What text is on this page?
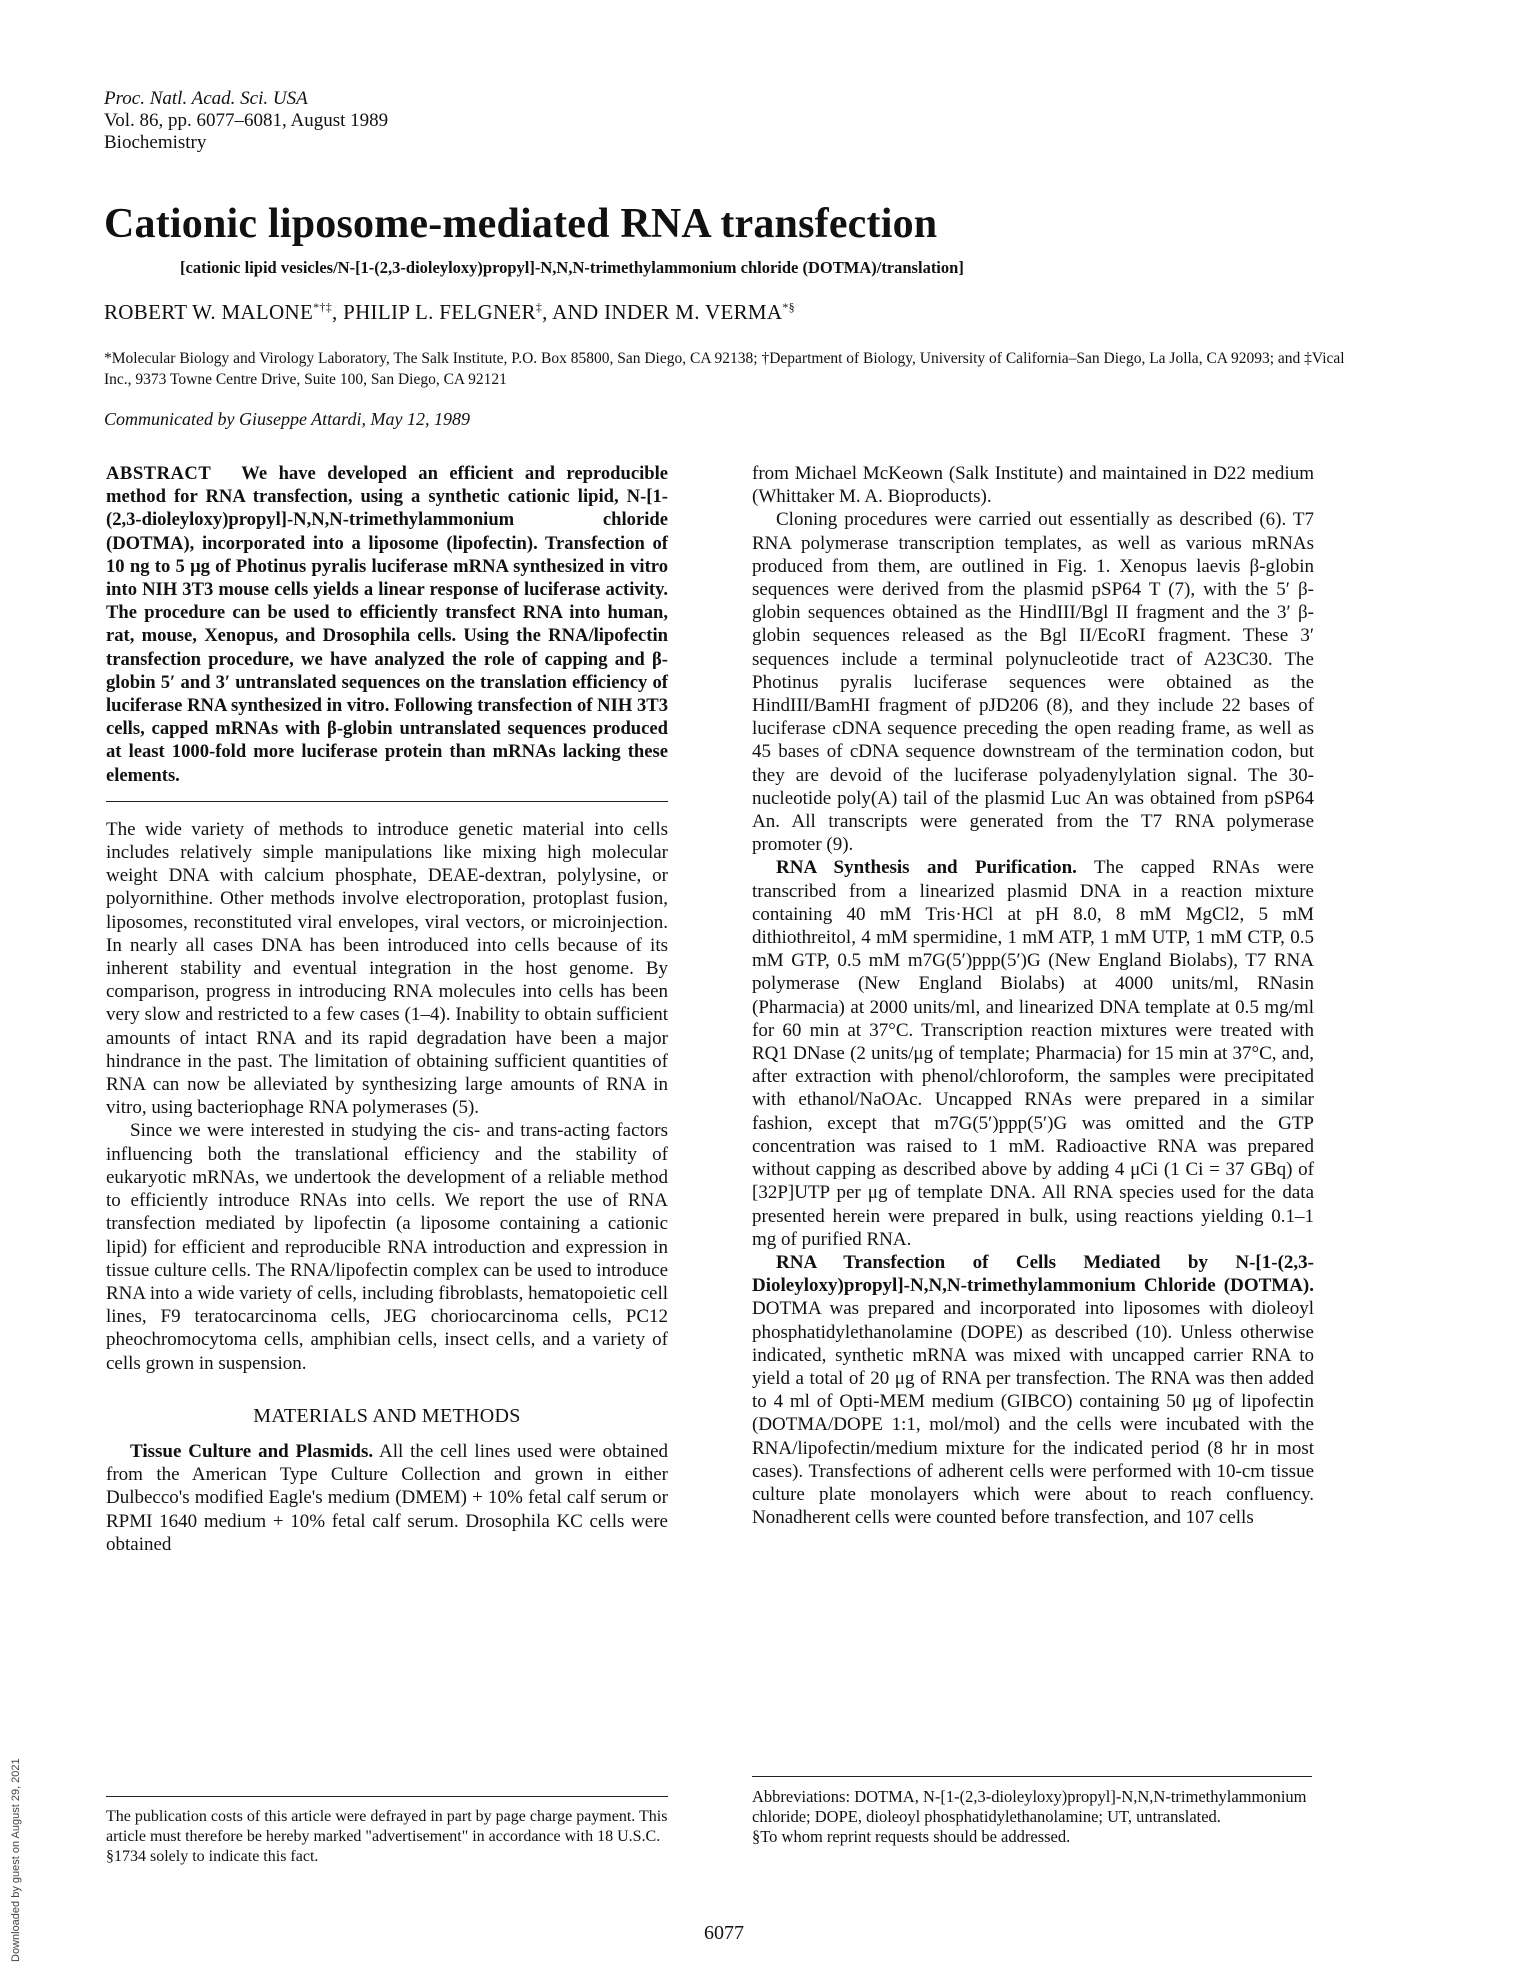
Proc. Natl. Acad. Sci. USA
Vol. 86, pp. 6077–6081, August 1989
Biochemistry
Cationic liposome-mediated RNA transfection
[cationic lipid vesicles/N-[1-(2,3-dioleyloxy)propyl]-N,N,N-trimethylammonium chloride (DOTMA)/translation]
ROBERT W. MALONE*†‡, PHILIP L. FELGNER‡, AND INDER M. VERMA*§
*Molecular Biology and Virology Laboratory, The Salk Institute, P.O. Box 85800, San Diego, CA 92138; †Department of Biology, University of California–San Diego, La Jolla, CA 92093; and ‡Vical Inc., 9373 Towne Centre Drive, Suite 100, San Diego, CA 92121
Communicated by Giuseppe Attardi, May 12, 1989
ABSTRACT We have developed an efficient and reproducible method for RNA transfection, using a synthetic cationic lipid, N-[1-(2,3-dioleyloxy)propyl]-N,N,N-trimethylammonium chloride (DOTMA), incorporated into a liposome (lipofectin). Transfection of 10 ng to 5 μg of Photinus pyralis luciferase mRNA synthesized in vitro into NIH 3T3 mouse cells yields a linear response of luciferase activity. The procedure can be used to efficiently transfect RNA into human, rat, mouse, Xenopus, and Drosophila cells. Using the RNA/lipofectin transfection procedure, we have analyzed the role of capping and β-globin 5′ and 3′ untranslated sequences on the translation efficiency of luciferase RNA synthesized in vitro. Following transfection of NIH 3T3 cells, capped mRNAs with β-globin untranslated sequences produced at least 1000-fold more luciferase protein than mRNAs lacking these elements.

The wide variety of methods to introduce genetic material into cells includes relatively simple manipulations like mixing high molecular weight DNA with calcium phosphate, DEAE-dextran, polylysine, or polyornithine. Other methods involve electroporation, protoplast fusion, liposomes, reconstituted viral envelopes, viral vectors, or microinjection. In nearly all cases DNA has been introduced into cells because of its inherent stability and eventual integration in the host genome. By comparison, progress in introducing RNA molecules into cells has been very slow and restricted to a few cases (1–4). Inability to obtain sufficient amounts of intact RNA and its rapid degradation have been a major hindrance in the past. The limitation of obtaining sufficient quantities of RNA can now be alleviated by synthesizing large amounts of RNA in vitro, using bacteriophage RNA polymerases (5).

Since we were interested in studying the cis- and trans-acting factors influencing both the translational efficiency and the stability of eukaryotic mRNAs, we undertook the development of a reliable method to efficiently introduce RNAs into cells. We report the use of RNA transfection mediated by lipofectin (a liposome containing a cationic lipid) for efficient and reproducible RNA introduction and expression in tissue culture cells. The RNA/lipofectin complex can be used to introduce RNA into a wide variety of cells, including fibroblasts, hematopoietic cell lines, F9 teratocarcinoma cells, JEG choriocarcinoma cells, PC12 pheochromocytoma cells, amphibian cells, insect cells, and a variety of cells grown in suspension.

MATERIALS AND METHODS

Tissue Culture and Plasmids. All the cell lines used were obtained from the American Type Culture Collection and grown in either Dulbecco's modified Eagle's medium (DMEM) + 10% fetal calf serum or RPMI 1640 medium + 10% fetal calf serum. Drosophila KC cells were obtained

from Michael McKeown (Salk Institute) and maintained in D22 medium (Whittaker M. A. Bioproducts).

Cloning procedures were carried out essentially as described (6). T7 RNA polymerase transcription templates, as well as various mRNAs produced from them, are outlined in Fig. 1. Xenopus laevis β-globin sequences were derived from the plasmid pSP64 T (7), with the 5′ β-globin sequences obtained as the HindIII/Bgl II fragment and the 3′ β-globin sequences released as the Bgl II/EcoRI fragment. These 3′ sequences include a terminal polynucleotide tract of A23C30. The Photinus pyralis luciferase sequences were obtained as the HindIII/BamHI fragment of pJD206 (8), and they include 22 bases of luciferase cDNA sequence preceding the open reading frame, as well as 45 bases of cDNA sequence downstream of the termination codon, but they are devoid of the luciferase polyadenylylation signal. The 30-nucleotide poly(A) tail of the plasmid Luc An was obtained from pSP64 An. All transcripts were generated from the T7 RNA polymerase promoter (9).

RNA Synthesis and Purification. The capped RNAs were transcribed from a linearized plasmid DNA in a reaction mixture containing 40 mM Tris·HCl at pH 8.0, 8 mM MgCl2, 5 mM dithiothreitol, 4 mM spermidine, 1 mM ATP, 1 mM UTP, 1 mM CTP, 0.5 mM GTP, 0.5 mM m7G(5′)ppp(5′)G (New England Biolabs), T7 RNA polymerase (New England Biolabs) at 4000 units/ml, RNasin (Pharmacia) at 2000 units/ml, and linearized DNA template at 0.5 mg/ml for 60 min at 37°C. Transcription reaction mixtures were treated with RQ1 DNase (2 units/μg of template; Pharmacia) for 15 min at 37°C, and, after extraction with phenol/chloroform, the samples were precipitated with ethanol/NaOAc. Uncapped RNAs were prepared in a similar fashion, except that m7G(5′)ppp(5′)G was omitted and the GTP concentration was raised to 1 mM. Radioactive RNA was prepared without capping as described above by adding 4 μCi (1 Ci = 37 GBq) of [32P]UTP per μg of template DNA. All RNA species used for the data presented herein were prepared in bulk, using reactions yielding 0.1–1 mg of purified RNA.

RNA Transfection of Cells Mediated by N-[1-(2,3-Dioleyloxy)propyl]-N,N,N-trimethylammonium Chloride (DOTMA). DOTMA was prepared and incorporated into liposomes with dioleoyl phosphatidylethanolamine (DOPE) as described (10). Unless otherwise indicated, synthetic mRNA was mixed with uncapped carrier RNA to yield a total of 20 μg of RNA per transfection. The RNA was then added to 4 ml of Opti-MEM medium (GIBCO) containing 50 μg of lipofectin (DOTMA/DOPE 1:1, mol/mol) and the cells were incubated with the RNA/lipofectin/medium mixture for the indicated period (8 hr in most cases). Transfections of adherent cells were performed with 10-cm tissue culture plate monolayers which were about to reach confluency. Nonadherent cells were counted before transfection, and 107 cells

The publication costs of this article were defrayed in part by page charge payment. This article must therefore be hereby marked "advertisement" in accordance with 18 U.S.C. §1734 solely to indicate this fact.
Abbreviations: DOTMA, N-[1-(2,3-dioleyloxy)propyl]-N,N,N-trimethylammonium chloride; DOPE, dioleoyl phosphatidylethanolamine; UT, untranslated.
§To whom reprint requests should be addressed.
6077
Downloaded by guest on August 29, 2021
